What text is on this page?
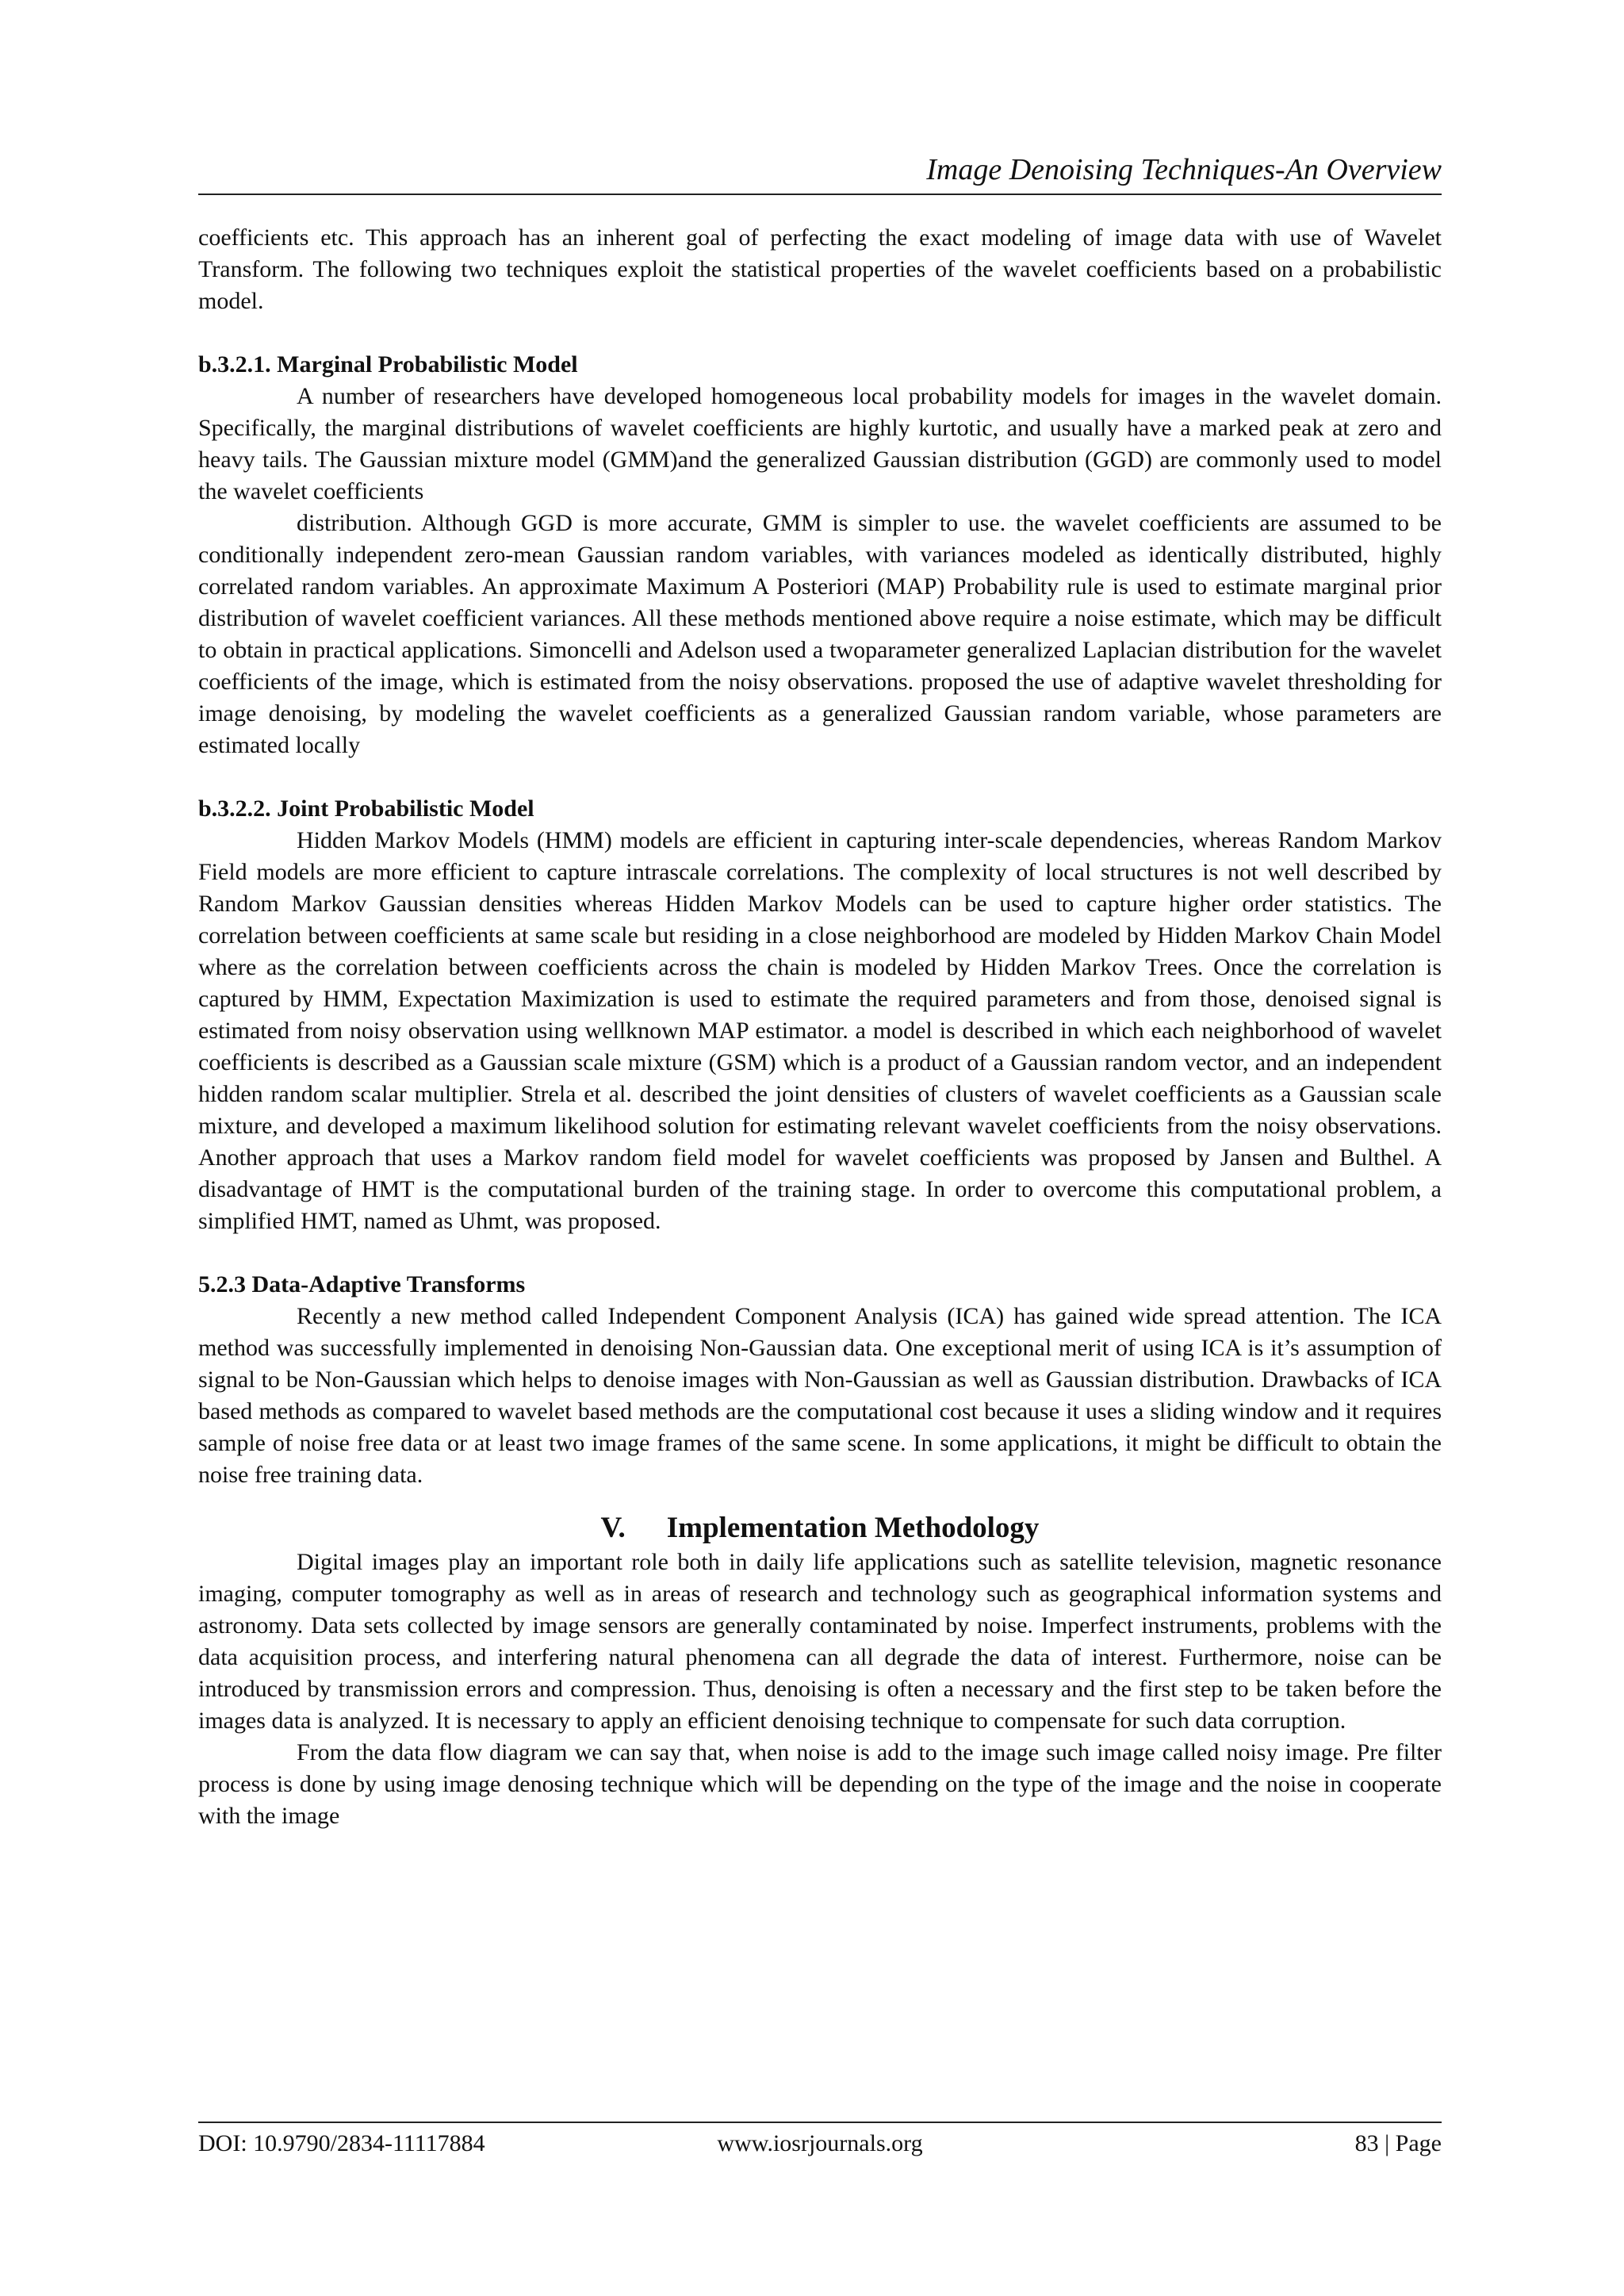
Image Denoising Techniques-An Overview

coefficients etc. This approach has an inherent goal of perfecting the exact modeling of image data with use of Wavelet Transform. The following two techniques exploit the statistical properties of the wavelet coefficients based on a probabilistic model.

b.3.2.1. Marginal Probabilistic Model

A number of researchers have developed homogeneous local probability models for images in the wavelet domain. Specifically, the marginal distributions of wavelet coefficients are highly kurtotic, and usually have a marked peak at zero and heavy tails. The Gaussian mixture model (GMM)and the generalized Gaussian distribution (GGD) are commonly used to model the wavelet coefficients

distribution. Although GGD is more accurate, GMM is simpler to use. the wavelet coefficients are assumed to be conditionally independent zero-mean Gaussian random variables, with variances modeled as identically distributed, highly correlated random variables. An approximate Maximum A Posteriori (MAP) Probability rule is used to estimate marginal prior distribution of wavelet coefficient variances. All these methods mentioned above require a noise estimate, which may be difficult to obtain in practical applications. Simoncelli and Adelson used a twoparameter generalized Laplacian distribution for the wavelet coefficients of the image, which is estimated from the noisy observations. proposed the use of adaptive wavelet thresholding for image denoising, by modeling the wavelet coefficients as a generalized Gaussian random variable, whose parameters are estimated locally

b.3.2.2. Joint Probabilistic Model

Hidden Markov Models (HMM) models are efficient in capturing inter-scale dependencies, whereas Random Markov Field models are more efficient to capture intrascale correlations. The complexity of local structures is not well described by Random Markov Gaussian densities whereas Hidden Markov Models can be used to capture higher order statistics. The correlation between coefficients at same scale but residing in a close neighborhood are modeled by Hidden Markov Chain Model where as the correlation between coefficients across the chain is modeled by Hidden Markov Trees. Once the correlation is captured by HMM, Expectation Maximization is used to estimate the required parameters and from those, denoised signal is estimated from noisy observation using wellknown MAP estimator. a model is described in which each neighborhood of wavelet coefficients is described as a Gaussian scale mixture (GSM) which is a product of a Gaussian random vector, and an independent hidden random scalar multiplier. Strela et al. described the joint densities of clusters of wavelet coefficients as a Gaussian scale mixture, and developed a maximum likelihood solution for estimating relevant wavelet coefficients from the noisy observations. Another approach that uses a Markov random field model for wavelet coefficients was proposed by Jansen and Bulthel. A disadvantage of HMT is the computational burden of the training stage. In order to overcome this computational problem, a simplified HMT, named as Uhmt, was proposed.

5.2.3 Data-Adaptive Transforms

Recently a new method called Independent Component Analysis (ICA) has gained wide spread attention. The ICA method was successfully implemented in denoising Non-Gaussian data. One exceptional merit of using ICA is it’s assumption of signal to be Non-Gaussian which helps to denoise images with Non-Gaussian as well as Gaussian distribution. Drawbacks of ICA based methods as compared to wavelet based methods are the computational cost because it uses a sliding window and it requires sample of noise free data or at least two image frames of the same scene. In some applications, it might be difficult to obtain the noise free training data.

V. Implementation Methodology

Digital images play an important role both in daily life applications such as satellite television, magnetic resonance imaging, computer tomography as well as in areas of research and technology such as geographical information systems and astronomy. Data sets collected by image sensors are generally contaminated by noise. Imperfect instruments, problems with the data acquisition process, and interfering natural phenomena can all degrade the data of interest. Furthermore, noise can be introduced by transmission errors and compression. Thus, denoising is often a necessary and the first step to be taken before the images data is analyzed. It is necessary to apply an efficient denoising technique to compensate for such data corruption.

From the data flow diagram we can say that, when noise is add to the image such image called noisy image. Pre filter process is done by using image denosing technique which will be depending on the type of the image and the noise in cooperate with the image

DOI: 10.9790/2834-11117884	www.iosrjournals.org	83 | Page
